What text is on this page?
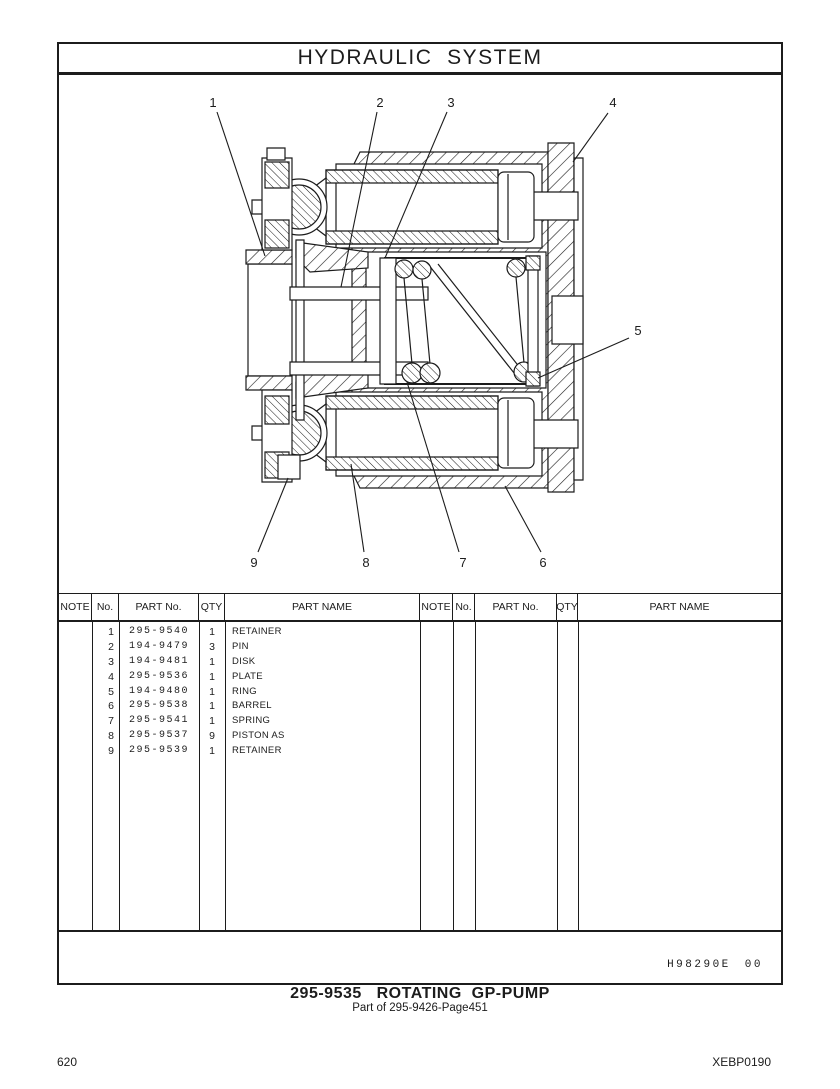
HYDRAULIC  SYSTEM
1	2	3	4
5
6
7
8
9
NOTE No.	PART No.	QTY	PART NAME	NOTE No.	PART No.	QTY	PART NAME
1	295-9540	1	RETAINER
2	194-9479	3	PIN
3	194-9481	1	DISK
4	295-9536	1	PLATE
5	194-9480	1	RING
6	295-9538	1	BARREL
7	295-9541	1	SPRING
8	295-9537	9	PISTON AS
9	295-9539	1	RETAINER
H98290E 00
295-9535   ROTATING  GP-PUMP
Part of 295-9426-Page451
620	XEBP0190
